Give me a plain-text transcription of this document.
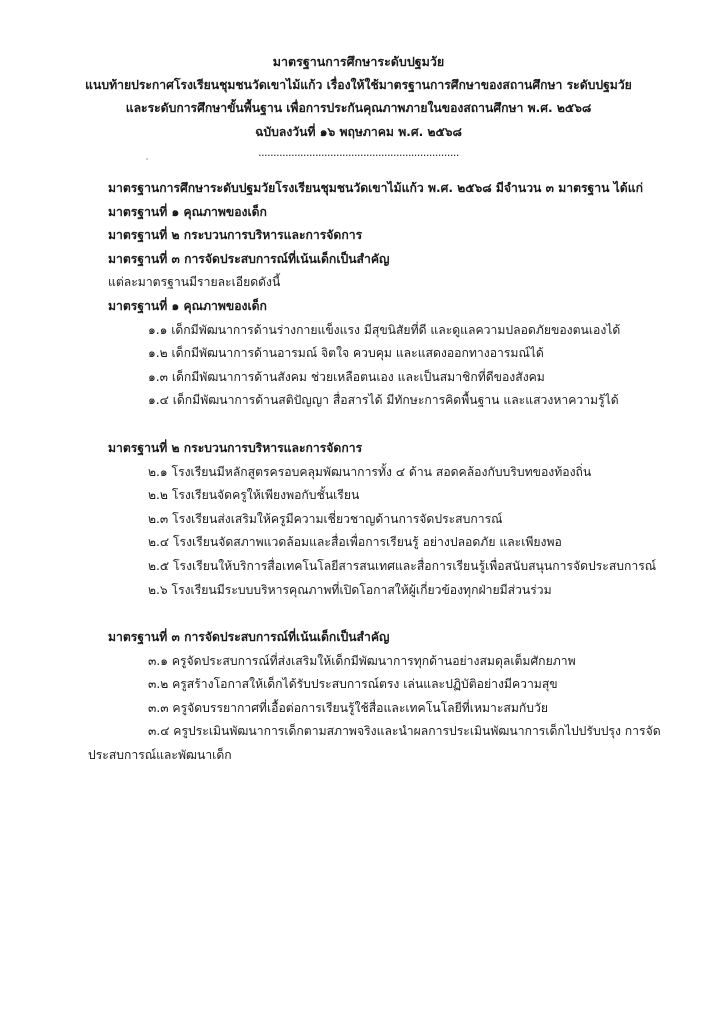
มาตรฐานการศึกษาระดับปฐมวัย
แนบท้ายประกาศโรงเรียนชุมชนวัดเขาไม้แก้ว เรื่องให้ใช้มาตรฐานการศึกษาของสถานศึกษา ระดับปฐมวัย
และระดับการศึกษาขั้นพื้นฐาน เพื่อการประกันคุณภาพภายในของสถานศึกษา พ.ศ. ๒๕๖๘
ฉบับลงวันที่ ๑๖ พฤษภาคม พ.ศ. ๒๕๖๘
...................................................................
มาตรฐานการศึกษาระดับปฐมวัยโรงเรียนชุมชนวัดเขาไม้แก้ว พ.ศ. ๒๕๖๘ มีจำนวน ๓ มาตรฐาน ได้แก่
มาตรฐานที่ ๑ คุณภาพของเด็ก
มาตรฐานที่ ๒ กระบวนการบริหารและการจัดการ
มาตรฐานที่ ๓ การจัดประสบการณ์ที่เน้นเด็กเป็นสำคัญ
แต่ละมาตรฐานมีรายละเอียดดังนี้
มาตรฐานที่ ๑ คุณภาพของเด็ก
๑.๑ เด็กมีพัฒนาการด้านร่างกายแข็งแรง มีสุขนิสัยที่ดี และดูแลความปลอดภัยของตนเองได้
๑.๒ เด็กมีพัฒนาการด้านอารมณ์ จิตใจ ควบคุม และแสดงออกทางอารมณ์ได้
๑.๓ เด็กมีพัฒนาการด้านสังคม ช่วยเหลือตนเอง และเป็นสมาชิกที่ดีของสังคม
๑.๔ เด็กมีพัฒนาการด้านสติปัญญา สื่อสารได้ มีทักษะการคิดพื้นฐาน และแสวงหาความรู้ได้
มาตรฐานที่ ๒ กระบวนการบริหารและการจัดการ
๒.๑ โรงเรียนมีหลักสูตรครอบคลุมพัฒนาการทั้ง ๔ ด้าน สอดคล้องกับบริบทของท้องถิ่น
๒.๒ โรงเรียนจัดครูให้เพียงพอกับชั้นเรียน
๒.๓ โรงเรียนส่งเสริมให้ครูมีความเชี่ยวชาญด้านการจัดประสบการณ์
๒.๔ โรงเรียนจัดสภาพแวดล้อมและสื่อเพื่อการเรียนรู้ อย่างปลอดภัย และเพียงพอ
๒.๕ โรงเรียนให้บริการสื่อเทคโนโลยีสารสนเทศและสื่อการเรียนรู้เพื่อสนับสนุนการจัดประสบการณ์
๒.๖ โรงเรียนมีระบบบริหารคุณภาพที่เปิดโอกาสให้ผู้เกี่ยวข้องทุกฝ่ายมีส่วนร่วม
มาตรฐานที่ ๓ การจัดประสบการณ์ที่เน้นเด็กเป็นสำคัญ
๓.๑ ครูจัดประสบการณ์ที่ส่งเสริมให้เด็กมีพัฒนาการทุกด้านอย่างสมดุลเต็มศักยภาพ
๓.๒ ครูสร้างโอกาสให้เด็กได้รับประสบการณ์ตรง เล่นและปฏิบัติอย่างมีความสุข
๓.๓ ครูจัดบรรยากาศที่เอื้อต่อการเรียนรู้ใช้สื่อและเทคโนโลยีที่เหมาะสมกับวัย
๓.๔ ครูประเมินพัฒนาการเด็กตามสภาพจริงและนำผลการประเมินพัฒนาการเด็กไปปรับปรุง การจัด
ประสบการณ์และพัฒนาเด็ก
